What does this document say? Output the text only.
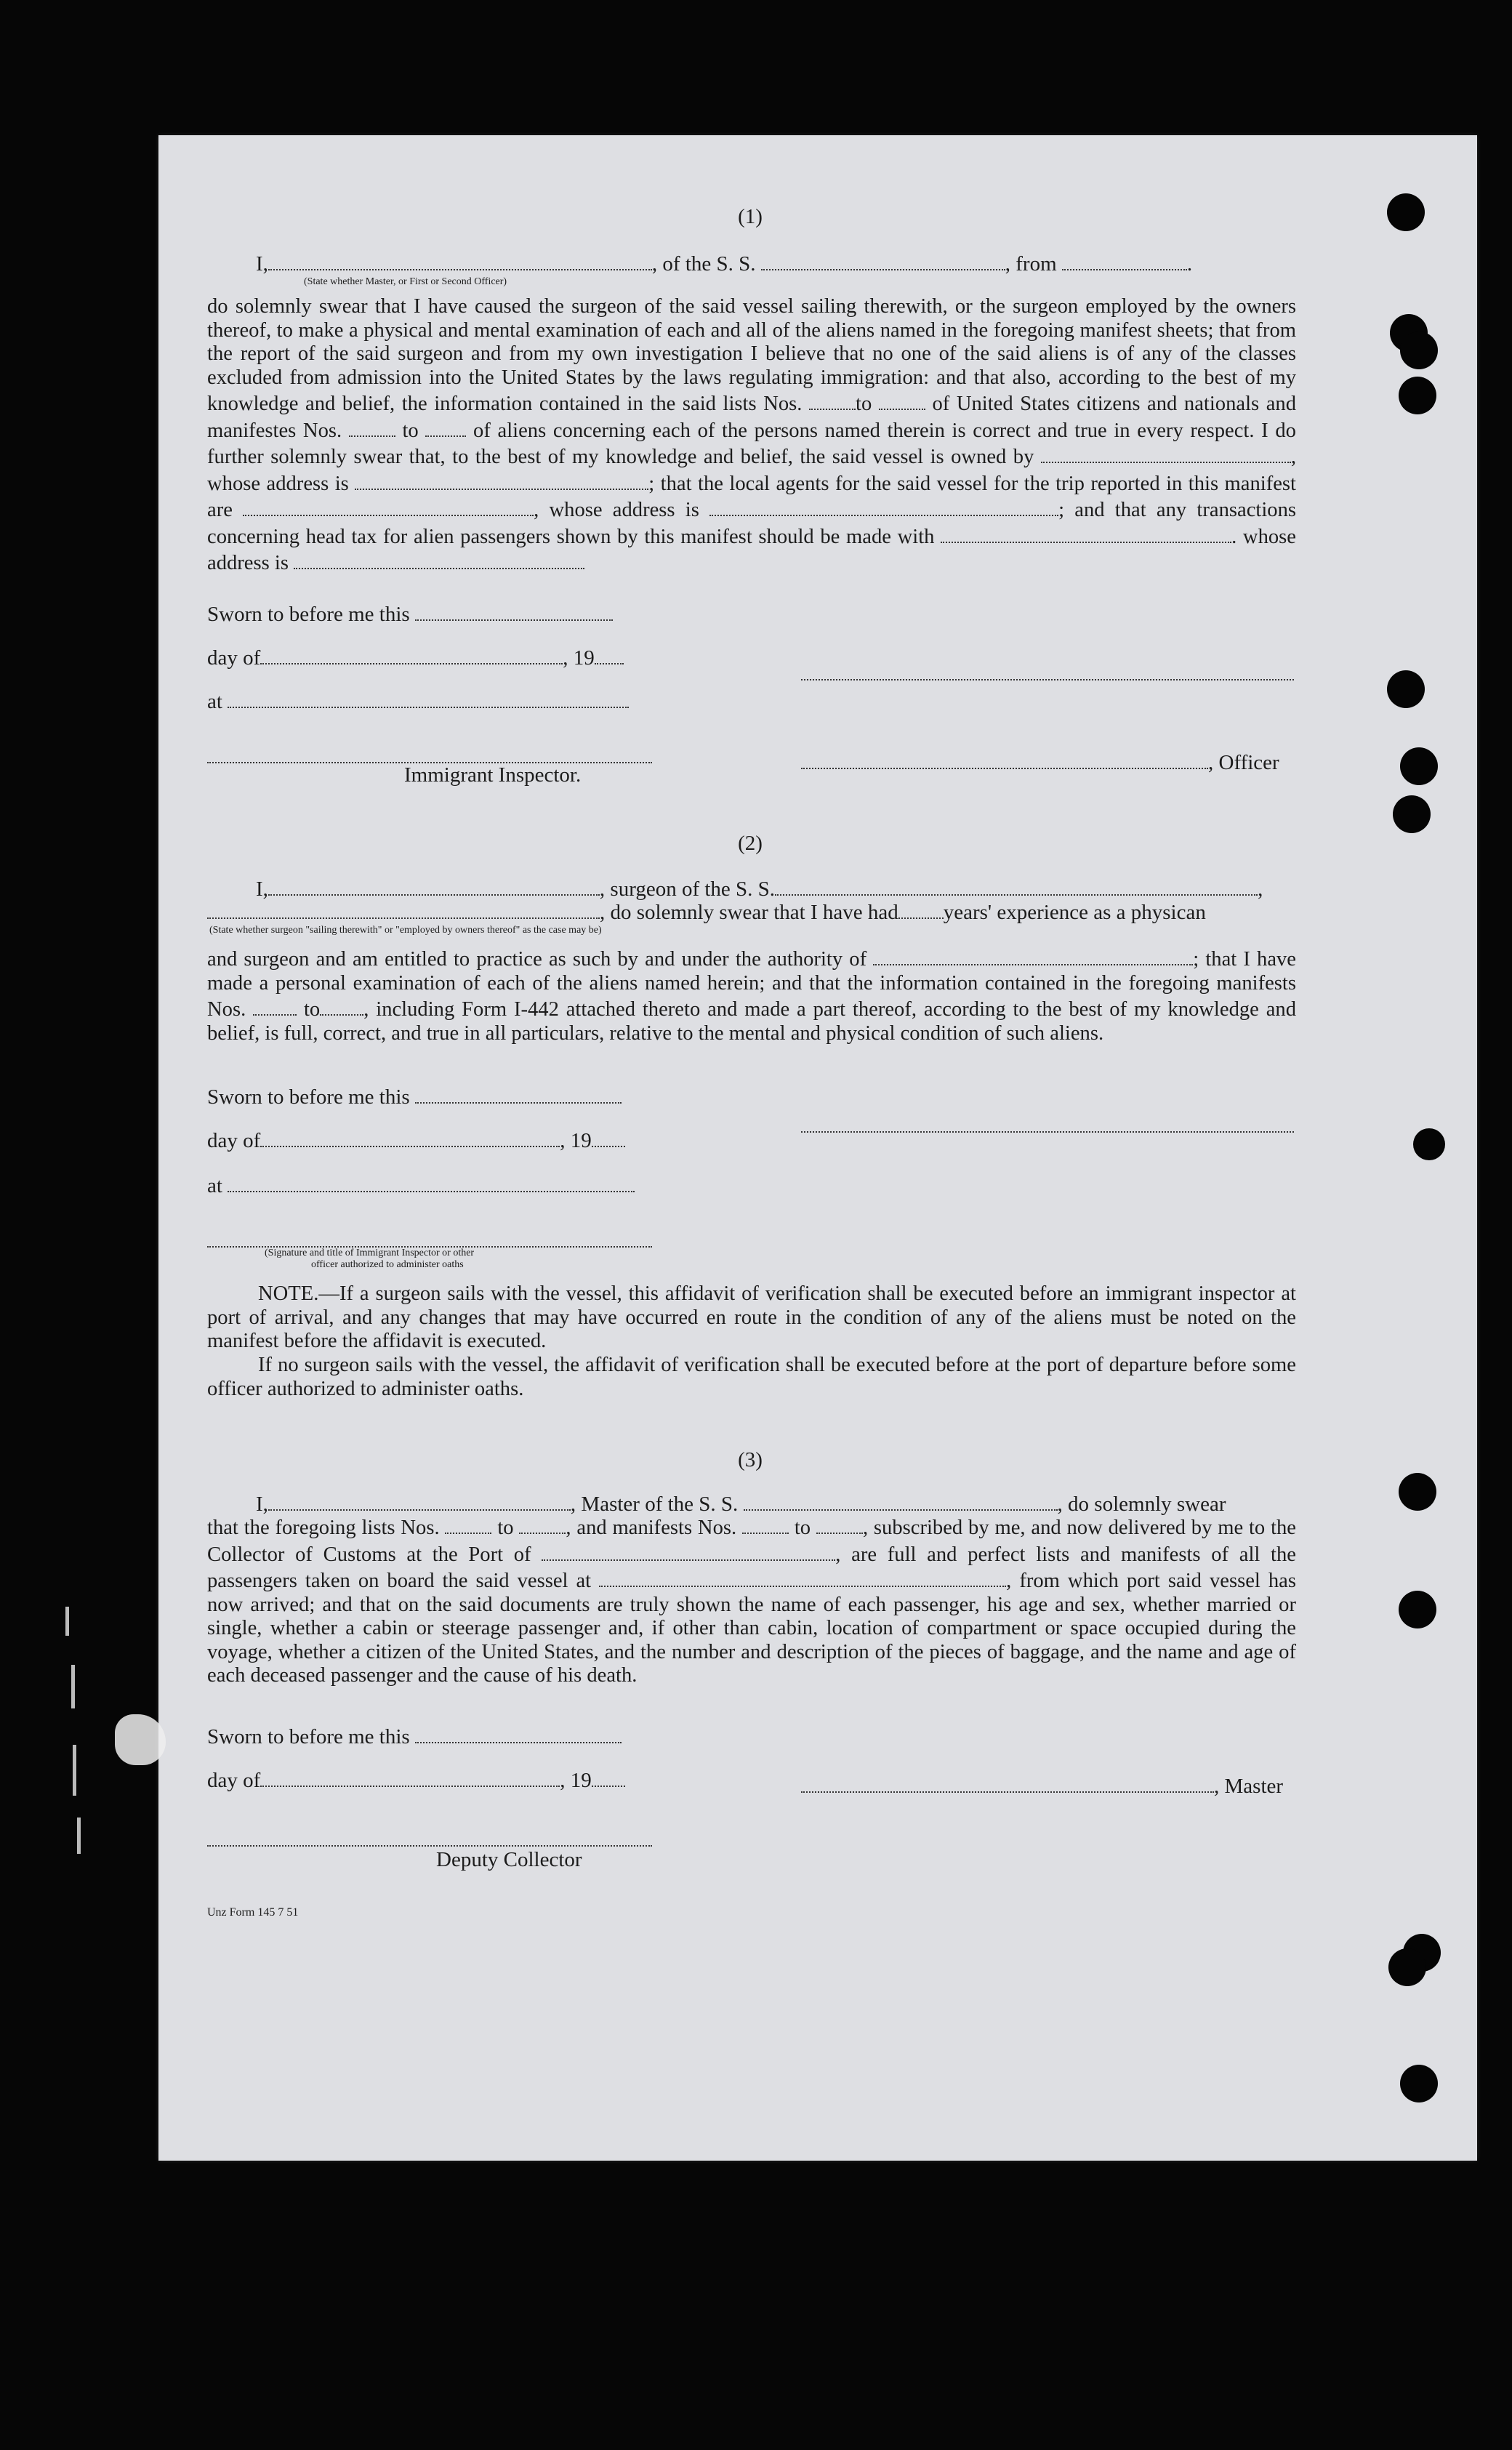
(1)
I,	, of the S. S.	, from	.
(State whether Master, or First or Second Officer)
do solemnly swear that I have caused the surgeon of the said vessel sailing therewith, or the surgeon employed by the owners thereof, to make a physical and mental examination of each and all of the aliens named in the foregoing manifest sheets; that from the report of the said surgeon and from my own investigation I believe that no one of the said aliens is of any of the classes excluded from admission into the United States by the laws regulating immigration: and that also, according to the best of my knowledge and belief, the information contained in the said lists Nos.	to	of United States citizens and nationals and manifestes Nos.	to	of aliens concerning each of the persons named therein is correct and true in every respect. I do further solemnly swear that, to the best of my knowledge and belief, the said vessel is owned by	, whose address is	; that the local agents for the said vessel for the trip reported in this manifest are	, whose address is	; and that any transactions concerning head tax for alien passengers shown by this manifest should be made with	. whose address is
Sworn to before me this
day of	, 19
at
Immigrant Inspector.
, Officer
(2)
I,	, surgeon of the S. S.	,
, do solemnly swear that I have had years' experience as a physican
(State whether surgeon "sailing therewith" or "employed by owners thereof" as the case may be)
and surgeon and am entitled to practice as such by and under the authority of	; that I have made a personal examination of each of the aliens named herein; and that the information contained in the foregoing manifests Nos.	to , including Form I-442 attached thereto and made a part thereof, according to the best of my knowledge and belief, is full, correct, and true in all particulars, relative to the mental and physical condition of such aliens.
Sworn to before me this
day of	, 19
at
(Signature and title of Immigrant Inspector or other
officer authorized to administer oaths
NOTE.—If a surgeon sails with the vessel, this affidavit of verification shall be executed before an immigrant inspector at port of arrival, and any changes that may have occurred en route in the condition of any of the aliens must be noted on the manifest before the affidavit is executed.
If no surgeon sails with the vessel, the affidavit of verification shall be executed before at the port of departure before some officer authorized to administer oaths.
(3)
I,	, Master of the S. S.	, do solemnly swear
that the foregoing lists Nos.	to	, and manifests Nos.	to	, subscribed by me, and now delivered by me to the Collector of Customs at the Port of	, are full and perfect lists and manifests of all the passengers taken on board the said vessel at	, from which port said vessel has now arrived; and that on the said documents are truly shown the name of each passenger, his age and sex, whether married or single, whether a cabin or steerage passenger and, if other than cabin, location of compartment or space occupied during the voyage, whether a citizen of the United States, and the number and description of the pieces of baggage, and the name and age of each deceased passenger and the cause of his death.
Sworn to before me this
day of	, 19	, Master
Deputy Collector
Unz Form 145 7 51
